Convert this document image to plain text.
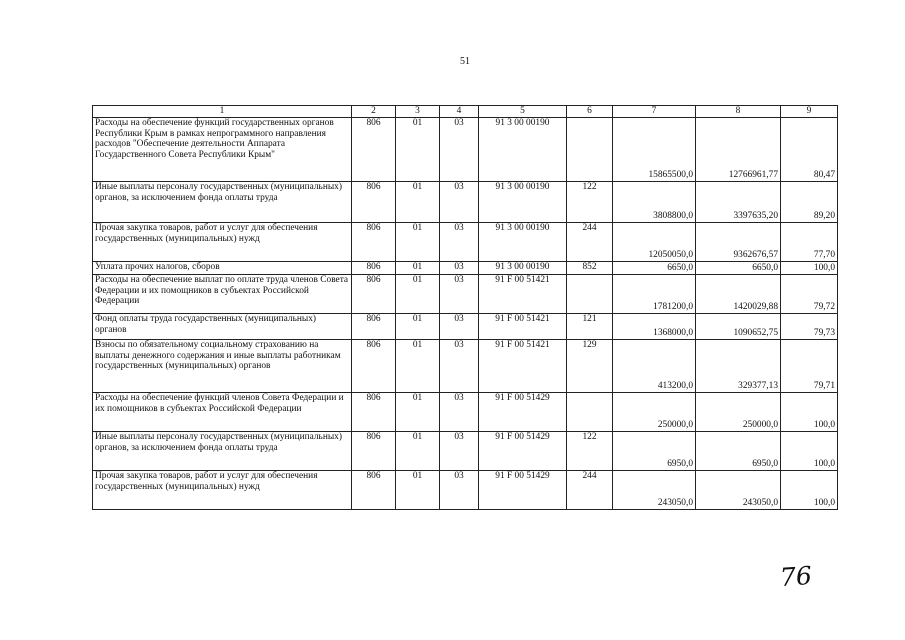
51
1	2	3	4	5	6	7	8	9
Расходы на обеспечение функций государственных органов Республики Крым в рамках непрограммного направления расходов "Обеспечение деятельности Аппарата Государственного Совета Республики Крым"	806	01	03	91 3 00 00190		15865500,0	12766961,77	80,47
Иные выплаты персоналу государственных (муниципальных) органов, за исключением фонда оплаты труда	806	01	03	91 3 00 00190	122	3808800,0	3397635,20	89,20
Прочая закупка товаров, работ и услуг для обеспечения государственных (муниципальных) нужд	806	01	03	91 3 00 00190	244	12050050,0	9362676,57	77,70
Уплата прочих налогов, сборов	806	01	03	91 3 00 00190	852	6650,0	6650,0	100,0
Расходы на обеспечение выплат по оплате труда членов Совета Федерации и их помощников в субъектах Российской Федерации	806	01	03	91 F 00 51421		1781200,0	1420029,88	79,72
Фонд оплаты труда государственных (муниципальных) органов	806	01	03	91 F 00 51421	121	1368000,0	1090652,75	79,73
Взносы по обязательному социальному страхованию на выплаты денежного содержания и иные выплаты работникам государственных (муниципальных) органов	806	01	03	91 F 00 51421	129	413200,0	329377,13	79,71
Расходы на обеспечение функций членов Совета Федерации и их помощников в субъектах Российской Федерации	806	01	03	91 F 00 51429		250000,0	250000,0	100,0
Иные выплаты персоналу государственных (муниципальных) органов, за исключением фонда оплаты труда	806	01	03	91 F 00 51429	122	6950,0	6950,0	100,0
Прочая закупка товаров, работ и услуг для обеспечения государственных (муниципальных) нужд	806	01	03	91 F 00 51429	244	243050,0	243050,0	100,0
76
